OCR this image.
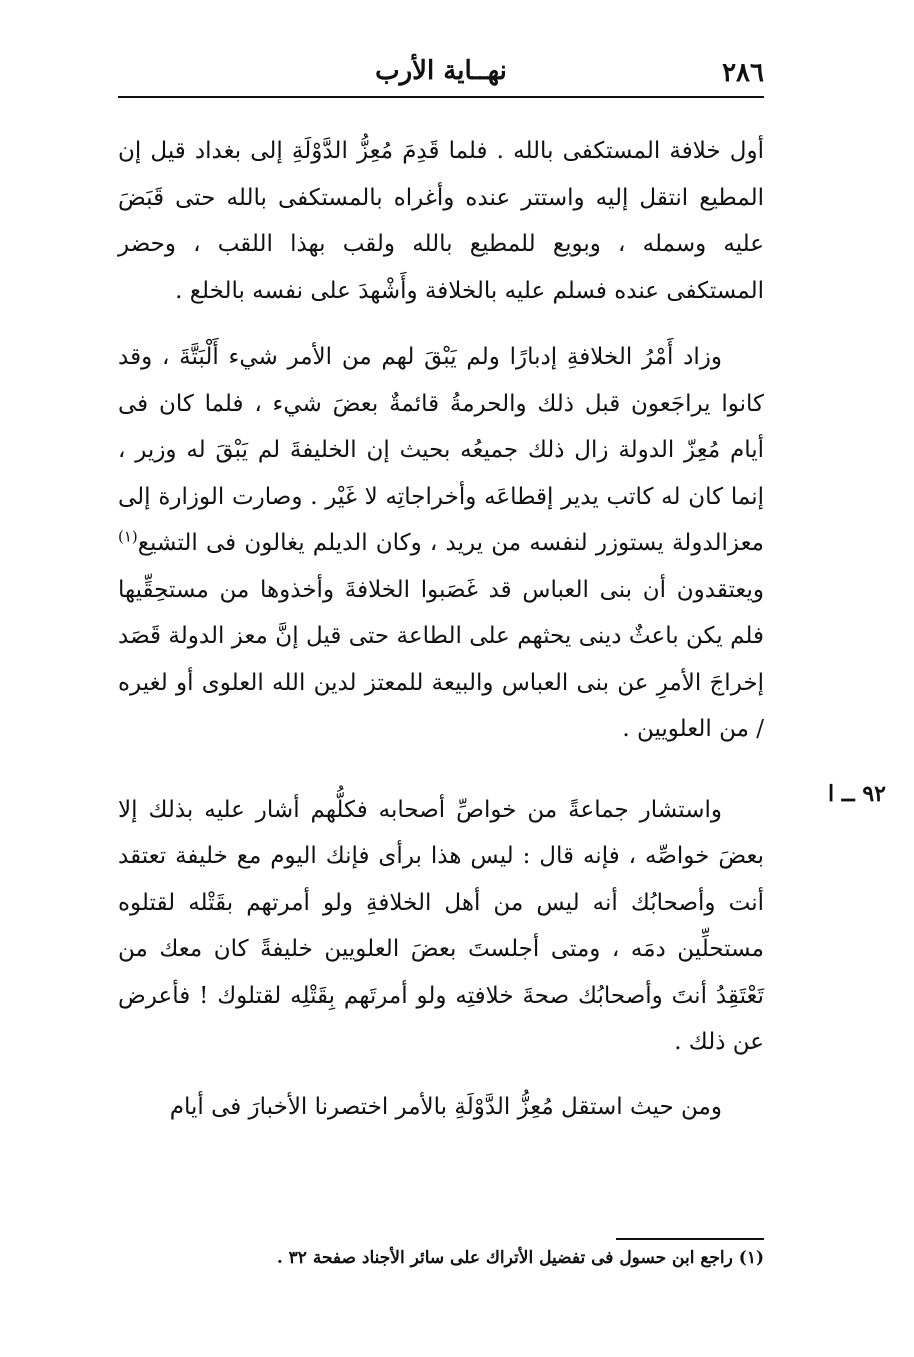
٢٨٦
نهــاية الأرب

أول خلافة المستكفى بالله . فلما قَدِمَ مُعِزُّ الدَّوْلَةِ إلى بغداد قيل إن المطيع انتقل إليه واستتر عنده وأغراه بالمستكفى بالله حتى قَبَضَ عليه وسمله ، وبويع للمطيع بالله ولقب بهذا اللقب ، وحضر المستكفى عنده فسلم عليه بالخلافة وأَشْهدَ على نفسه بالخلع .

وزاد أَمْرُ الخلافةِ إدبارًا ولم يَبْقَ لهم من الأمر شيء أَلْبَتَّةَ ، وقد كانوا يراجَعون قبل ذلك والحرمةُ قائمةٌ بعضَ شيء ، فلما كان فى أيام مُعِزّ الدولة زال ذلك جميعُه بحيث إن الخليفةَ لم يَبْقَ له وزير ، إنما كان له كاتب يدير إقطاعَه وأخراجاتِه لا غَيْر . وصارت الوزارة إلى معزالدولة يستوزر لنفسه من يريد ، وكان الديلم يغالون فى التشيع$^{(١)}$ ويعتقدون أن بنى العباس قد غَصَبوا الخلافةَ وأخذوها من مستحِقِّيها فلم يكن باعثٌ دينى يحثهم على الطاعة حتى قيل إنَّ معز الدولة قَصَد إخراجَ الأمرِ عن بنى العباس والبيعة للمعتز لدين الله العلوى أو لغيره / من العلويين .

واستشار جماعةً من خواصِّ أصحابه فكلُّهم أشار عليه بذلك إلا بعضَ خواصِّه ، فإنه قال : ليس هذا برأى فإنك اليوم مع خليفة تعتقد أنت وأصحابُك أنه ليس من أهل الخلافةِ ولو أمرتهم بقَتْله لقتلوه مستحلِّين دمَه ، ومتى أجلستَ بعضَ العلويين خليفةً كان معك من تَعْتَقِدُ أنتَ وأصحابُك صحةَ خلافتِه ولو أمرتَهم بِقَتْلِه لقتلوك ! فأعرض عن ذلك .

ومن حيث استقل مُعِزُّ الدَّوْلَةِ بالأمر اختصرنا الأخبارَ فى أيام

٩٢ ــ ا
(١) راجع ابن حسول فى تفضيل الأتراك على سائر الأجناد صفحة ٣٢ .
